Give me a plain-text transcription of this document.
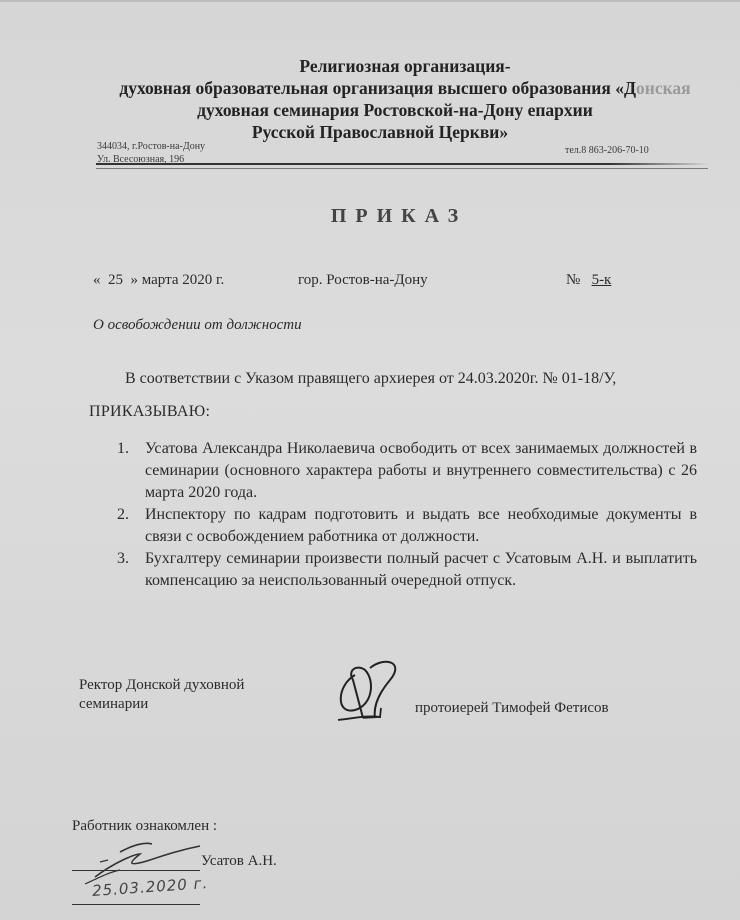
Религиозная организация-
духовная образовательная организация высшего образования «Донская
духовная семинария Ростовской-на-Дону епархии
Русской Православной Церкви»
344034, г.Ростов-на-Дону
Ул. Всесоюзная, 196
тел.8 863-206-70-10
ПРИКАЗ
« 25 » марта 2020 г.	гор. Ростов-на-Дону	№ 5-к
О освобождении от должности
В соответствии с Указом правящего архиерея от 24.03.2020г. № 01-18/У,
ПРИКАЗЫВАЮ:
1.	Усатова Александра Николаевича освободить от всех занимаемых должностей в семинарии (основного характера работы и внутреннего совместительства) с 26 марта 2020 года.
2.	Инспектору по кадрам подготовить и выдать все необходимые документы в связи с освобождением работника от должности.
3.	Бухгалтеру семинарии произвести полный расчет с Усатовым А.Н. и выплатить компенсацию за неиспользованный очередной отпуск.
Ректор Донской духовной
семинарии	протоиерей Тимофей Фетисов
Работник ознакомлен :
Усатов А.Н.
25.03.2020 г.
